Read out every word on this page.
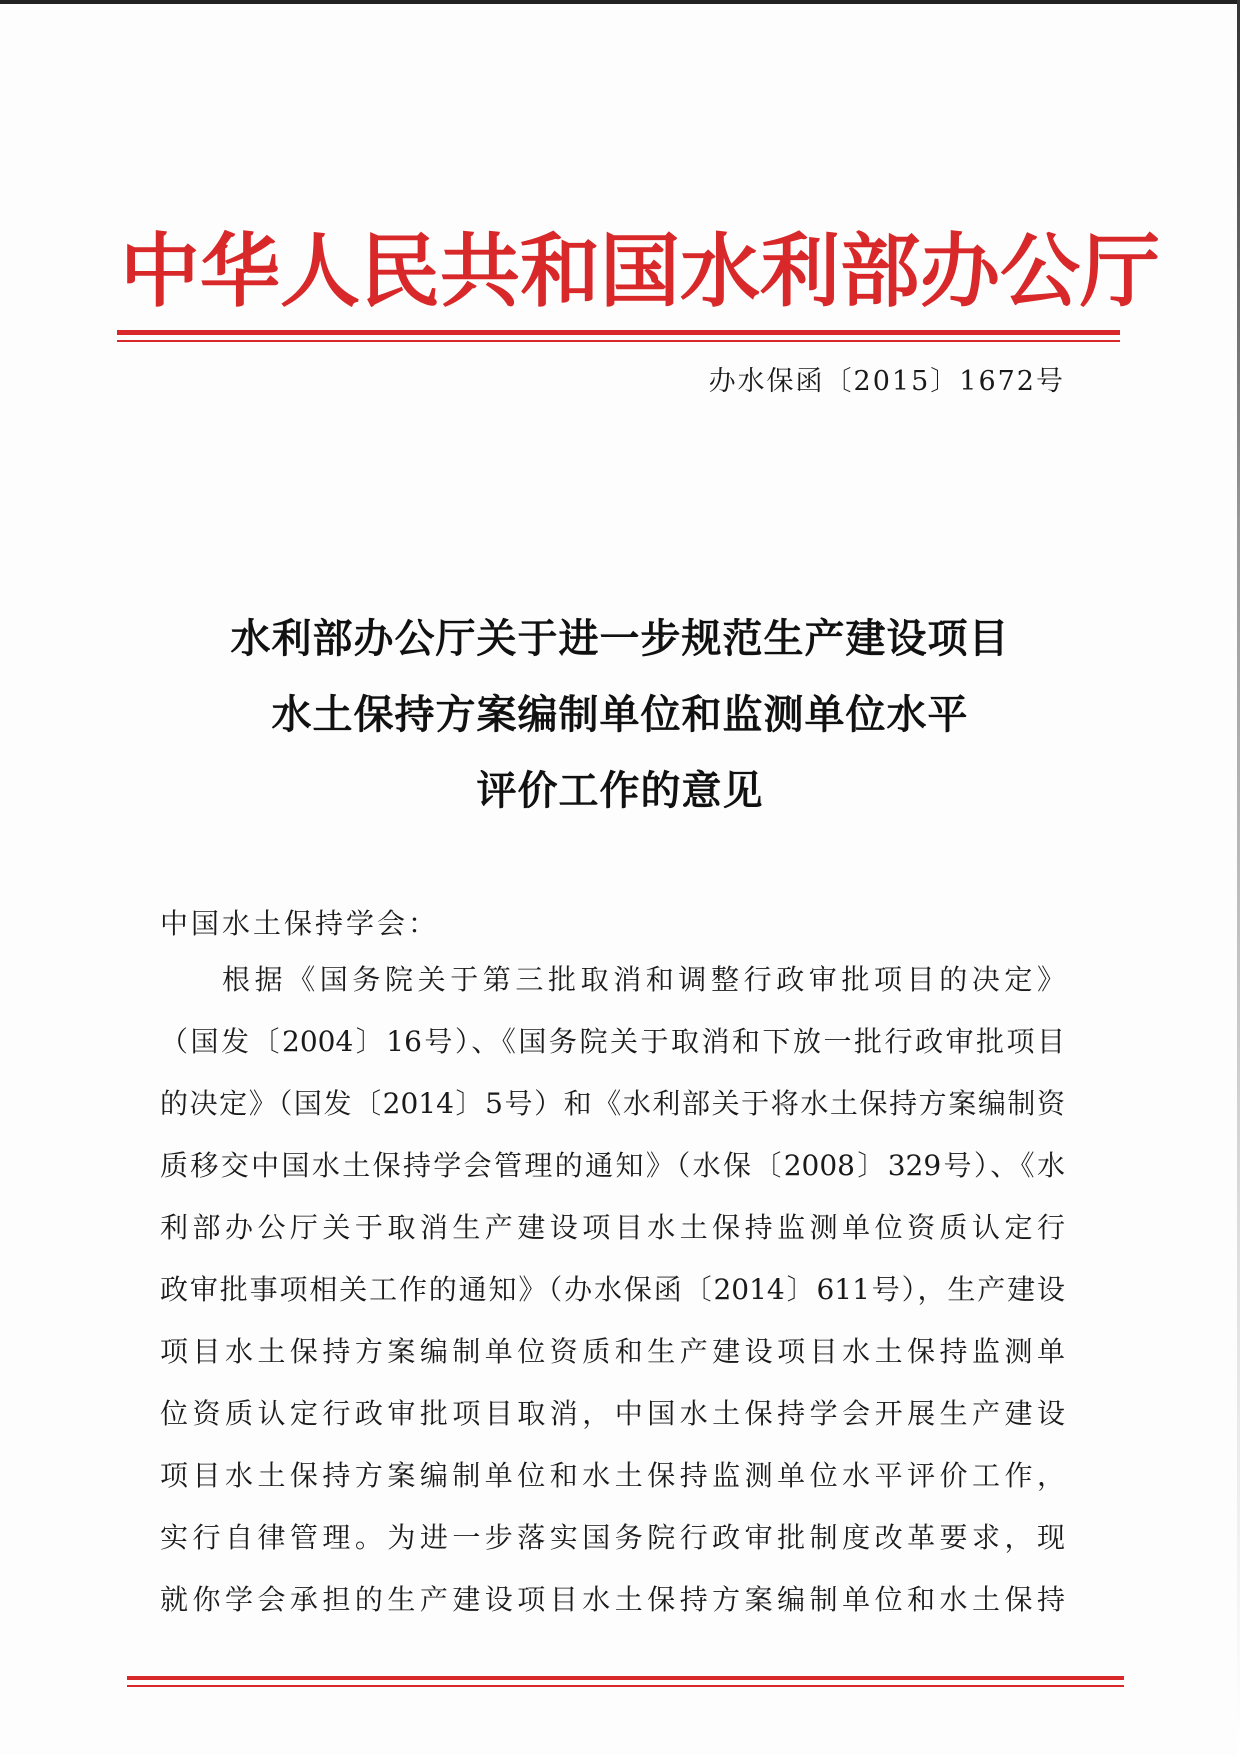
中华人民共和国水利部办公厅
办水保函〔2015〕1672号
水利部办公厅关于进一步规范生产建设项目
水土保持方案编制单位和监测单位水平
评价工作的意见
中国水土保持学会：
根据《国务院关于第三批取消和调整行政审批项目的决定》
（国发〔2004〕16号）、《国务院关于取消和下放一批行政审批项目
的决定》（国发〔2014〕5号）和《水利部关于将水土保持方案编制资
质移交中国水土保持学会管理的通知》（水保〔2008〕329号）、《水
利部办公厅关于取消生产建设项目水土保持监测单位资质认定行
政审批事项相关工作的通知》（办水保函〔2014〕611号），生产建设
项目水土保持方案编制单位资质和生产建设项目水土保持监测单
位资质认定行政审批项目取消，中国水土保持学会开展生产建设
项目水土保持方案编制单位和水土保持监测单位水平评价工作，
实行自律管理。为进一步落实国务院行政审批制度改革要求，现
就你学会承担的生产建设项目水土保持方案编制单位和水土保持
